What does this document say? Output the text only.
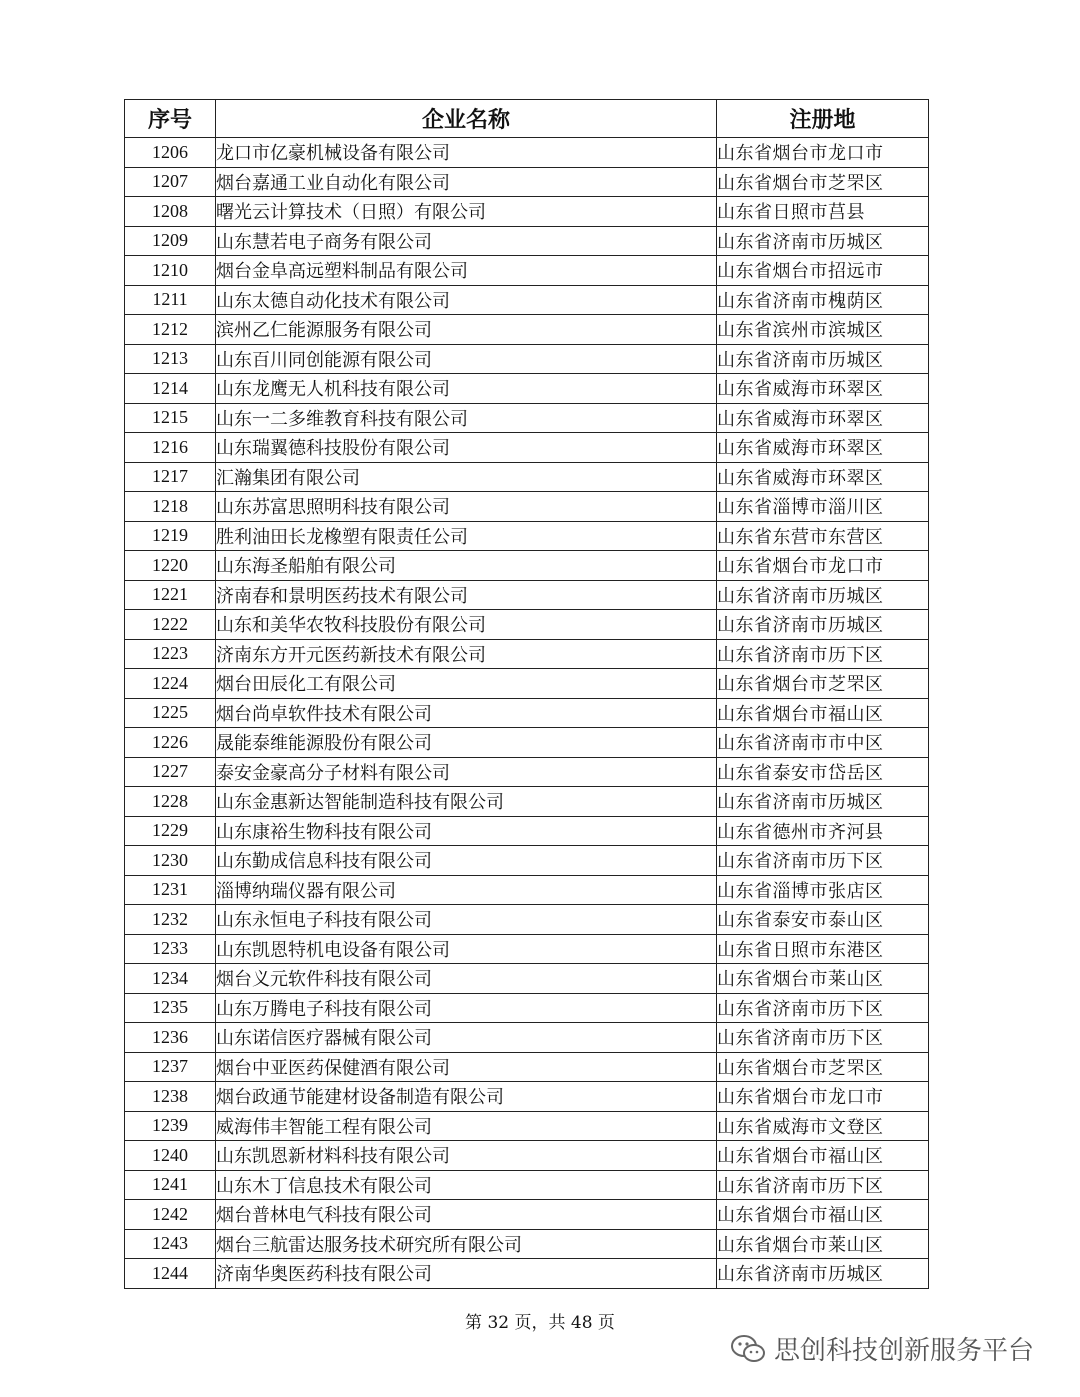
序号	企业名称	注册地
1206	龙口市亿豪机械设备有限公司	山东省烟台市龙口市
1207	烟台嘉通工业自动化有限公司	山东省烟台市芝罘区
1208	曙光云计算技术（日照）有限公司	山东省日照市莒县
1209	山东慧若电子商务有限公司	山东省济南市历城区
1210	烟台金阜高远塑料制品有限公司	山东省烟台市招远市
1211	山东太德自动化技术有限公司	山东省济南市槐荫区
1212	滨州乙仁能源服务有限公司	山东省滨州市滨城区
1213	山东百川同创能源有限公司	山东省济南市历城区
1214	山东龙鹰无人机科技有限公司	山东省威海市环翠区
1215	山东一二多维教育科技有限公司	山东省威海市环翠区
1216	山东瑞翼德科技股份有限公司	山东省威海市环翠区
1217	汇瀚集团有限公司	山东省威海市环翠区
1218	山东苏富思照明科技有限公司	山东省淄博市淄川区
1219	胜利油田长龙橡塑有限责任公司	山东省东营市东营区
1220	山东海圣船舶有限公司	山东省烟台市龙口市
1221	济南春和景明医药技术有限公司	山东省济南市历城区
1222	山东和美华农牧科技股份有限公司	山东省济南市历城区
1223	济南东方开元医药新技术有限公司	山东省济南市历下区
1224	烟台田辰化工有限公司	山东省烟台市芝罘区
1225	烟台尚卓软件技术有限公司	山东省烟台市福山区
1226	晟能泰维能源股份有限公司	山东省济南市市中区
1227	泰安金豪高分子材料有限公司	山东省泰安市岱岳区
1228	山东金惠新达智能制造科技有限公司	山东省济南市历城区
1229	山东康裕生物科技有限公司	山东省德州市齐河县
1230	山东勤成信息科技有限公司	山东省济南市历下区
1231	淄博纳瑞仪器有限公司	山东省淄博市张店区
1232	山东永恒电子科技有限公司	山东省泰安市泰山区
1233	山东凯恩特机电设备有限公司	山东省日照市东港区
1234	烟台义元软件科技有限公司	山东省烟台市莱山区
1235	山东万腾电子科技有限公司	山东省济南市历下区
1236	山东诺信医疗器械有限公司	山东省济南市历下区
1237	烟台中亚医药保健酒有限公司	山东省烟台市芝罘区
1238	烟台政通节能建材设备制造有限公司	山东省烟台市龙口市
1239	威海伟丰智能工程有限公司	山东省威海市文登区
1240	山东凯恩新材料科技有限公司	山东省烟台市福山区
1241	山东木丁信息技术有限公司	山东省济南市历下区
1242	烟台普林电气科技有限公司	山东省烟台市福山区
1243	烟台三航雷达服务技术研究所有限公司	山东省烟台市莱山区
1244	济南华奥医药科技有限公司	山东省济南市历城区
第 32 页，共 48 页
思创科技创新服务平台
